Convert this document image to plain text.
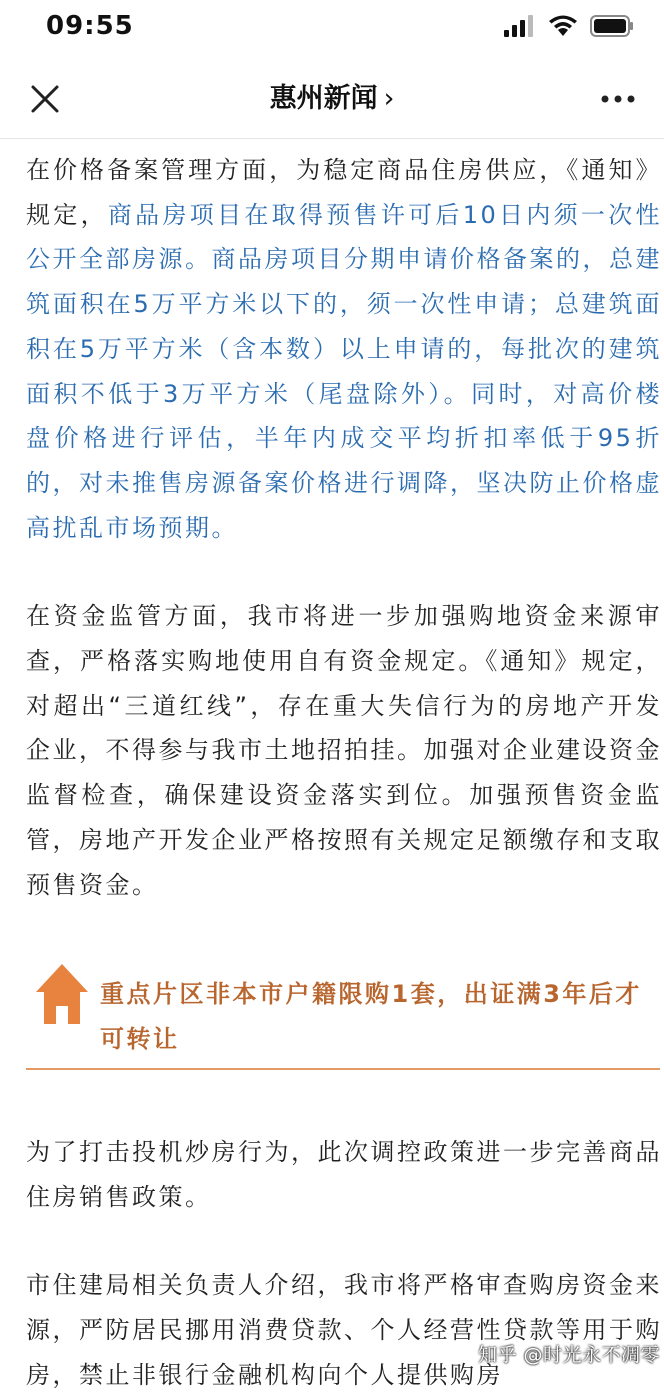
09:55
惠州新闻 ›

在价格备案管理方面，为稳定商品住房供应，《通知》规定，商品房项目在取得预售许可后10日内须一次性公开全部房源。商品房项目分期申请价格备案的，总建筑面积在5万平方米以下的，须一次性申请；总建筑面积在5万平方米（含本数）以上申请的，每批次的建筑面积不低于3万平方米（尾盘除外）。同时，对高价楼盘价格进行评估，半年内成交平均折扣率低于95折的，对未推售房源备案价格进行调降，坚决防止价格虚高扰乱市场预期。

在资金监管方面，我市将进一步加强购地资金来源审查，严格落实购地使用自有资金规定。《通知》规定，对超出“三道红线”，存在重大失信行为的房地产开发企业，不得参与我市土地招拍挂。加强对企业建设资金监督检查，确保建设资金落实到位。加强预售资金监管，房地产开发企业严格按照有关规定足额缴存和支取预售资金。

重点片区非本市户籍限购1套，出证满3年后才可转让

为了打击投机炒房行为，此次调控政策进一步完善商品住房销售政策。

市住建局相关负责人介绍，我市将严格审查购房资金来源，严防居民挪用消费贷款、个人经营性贷款等用于购房，禁止非银行金融机构向个人提供购房

知乎 @时光永不凋零
